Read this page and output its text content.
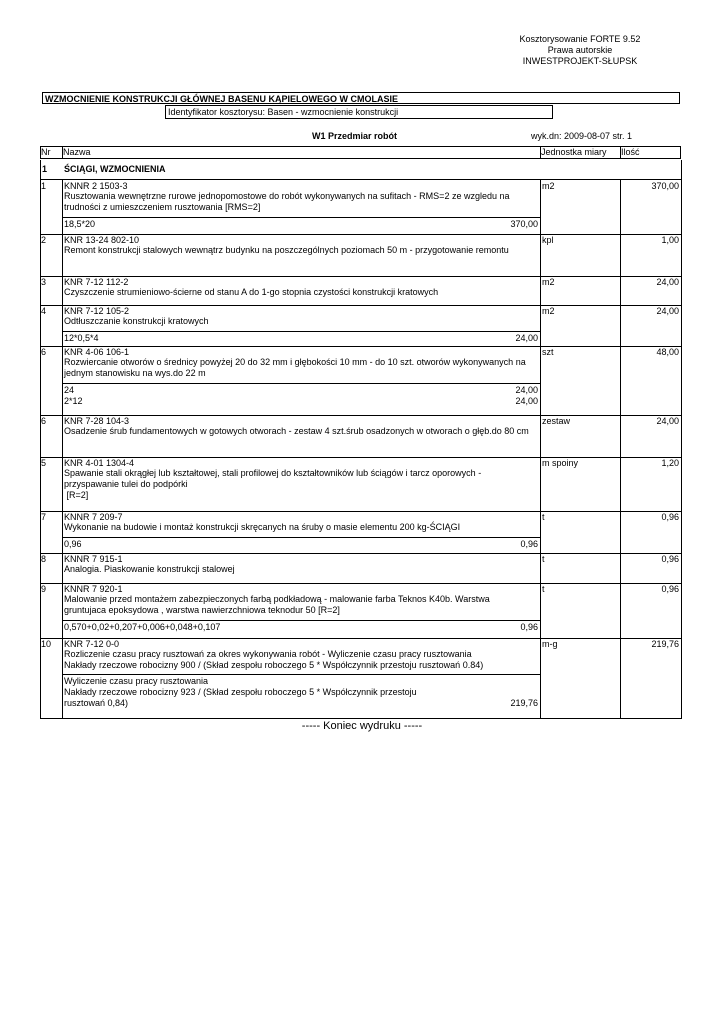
Kosztorysowanie FORTE 9.52
Prawa autorskie
INWESTPROJEKT-SŁUPSK
WZMOCNIENIE KONSTRUKCJI GŁÓWNEJ BASENU KĄPIELOWEGO W CMOLASIE
Identyfikator kosztorysu: Basen - wzmocnienie konstrukcji
W1 Przedmiar robót	wyk.dn: 2009-08-07 str. 1
Nr Nazwa	Jednostka miary Ilość
1 ŚCIĄGI, WZMOCNIENIA
1 KNNR 2 1503-3	m2	370,00
Rusztowania wewnętrzne rurowe jednopomostowe do robót wykonywanych na sufitach - RMS=2 ze wzgledu na trudności z umieszczeniem rusztowania [RMS=2]
18,5*20	370,00
2 KNR 13-24 802-10	kpl	1,00
Remont konstrukcji stalowych wewnątrz budynku na poszczególnych poziomach 50 m - przygotowanie remontu
3 KNR 7-12 112-2	m2	24,00
Czyszczenie strumieniowo-ścierne od stanu A do 1-go stopnia czystości konstrukcji kratowych
4 KNR 7-12 105-2	m2	24,00
Odtłuszczanie konstrukcji kratowych
12*0,5*4	24,00
6 KNR 4-06 106-1	szt	48,00
Rozwiercanie otworów o średnicy powyżej 20 do 32 mm i głębokości 10 mm - do 10 szt. otworów wykonywanych na jednym stanowisku na wys.do 22 m
24	24,00
2*12	24,00
6 KNR 7-28 104-3	zestaw	24,00
Osadzenie śrub fundamentowych w gotowych otworach - zestaw 4 szt.śrub osadzonych w otworach o głęb.do 80 cm
5 KNR 4-01 1304-4	m spoiny	1,20
Spawanie stali okrągłej lub kształtowej, stali profilowej do kształtowników lub ściągów i tarcz oporowych - przyspawanie tulei do podpórki
[R=2]
7 KNNR 7 209-7	t	0,96
Wykonanie na budowie i montaż konstrukcji skręcanych na śruby o masie elementu 200 kg-ŚCIĄGI
0,96	0,96
8 KNNR 7 915-1	t	0,96
Analogia. Piaskowanie konstrukcji stalowej
9 KNNR 7 920-1	t	0,96
Malowanie przed montażem zabezpieczonych farbą podkładową - malowanie farba Teknos K40b. Warstwa gruntujaca epoksydowa , warstwa nawierzchniowa teknodur 50 [R=2]
0,570+0,02+0,207+0,006+0,048+0,107	0,96
10 KNR 7-12 0-0	m-g	219,76
Rozliczenie czasu pracy rusztowań za okres wykonywania robót - Wyliczenie czasu pracy rusztowania
Nakłady rzeczowe robocizny 900 / (Skład zespołu roboczego 5 * Współczynnik przestoju rusztowań 0.84)
Wyliczenie czasu pracy rusztowania
Nakłady rzeczowe robocizny 923 / (Skład zespołu roboczego 5 * Współczynnik przestoju
rusztowań 0,84)	219,76
----- Koniec wydruku -----
